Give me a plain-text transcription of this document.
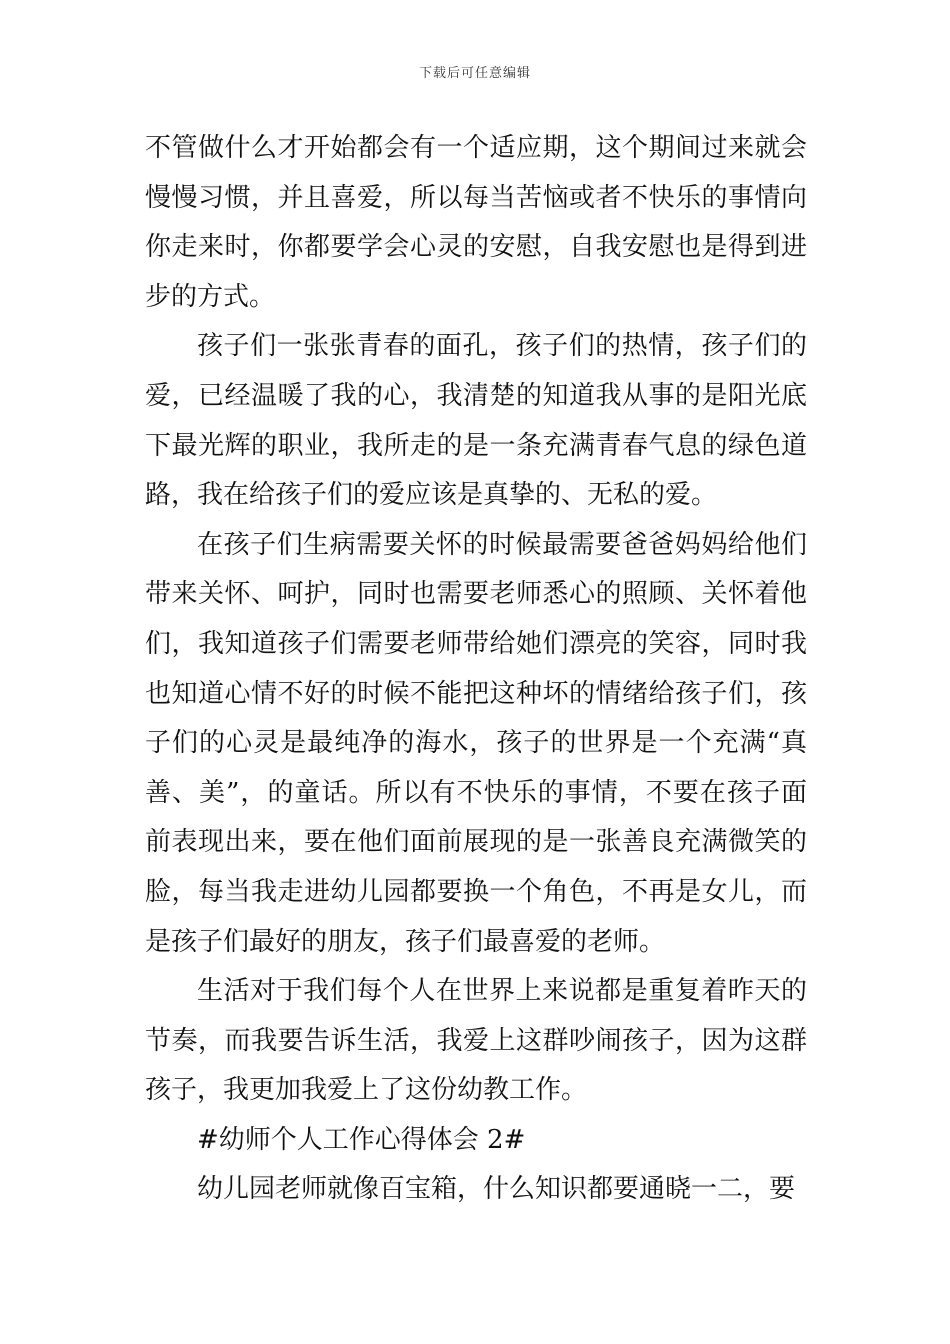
下载后可任意编辑

不管做什么才开始都会有一个适应期，这个期间过来就会慢慢习惯，并且喜爱，所以每当苦恼或者不快乐的事情向你走来时，你都要学会心灵的安慰，自我安慰也是得到进步的方式。

孩子们一张张青春的面孔，孩子们的热情，孩子们的爱，已经温暖了我的心，我清楚的知道我从事的是阳光底下最光辉的职业，我所走的是一条充满青春气息的绿色道路，我在给孩子们的爱应该是真挚的、无私的爱。

在孩子们生病需要关怀的时候最需要爸爸妈妈给他们带来关怀、呵护，同时也需要老师悉心的照顾、关怀着他们，我知道孩子们需要老师带给她们漂亮的笑容，同时我也知道心情不好的时候不能把这种坏的情绪给孩子们，孩子们的心灵是最纯净的海水，孩子的世界是一个充满“真善、美”，的童话。所以有不快乐的事情，不要在孩子面前表现出来，要在他们面前展现的是一张善良充满微笑的脸，每当我走进幼儿园都要换一个角色，不再是女儿，而是孩子们最好的朋友，孩子们最喜爱的老师。

生活对于我们每个人在世界上来说都是重复着昨天的节奏，而我要告诉生活，我爱上这群吵闹孩子，因为这群孩子，我更加我爱上了这份幼教工作。

#幼师个人工作心得体会 2#

幼儿园老师就像百宝箱，什么知识都要通晓一二，要
